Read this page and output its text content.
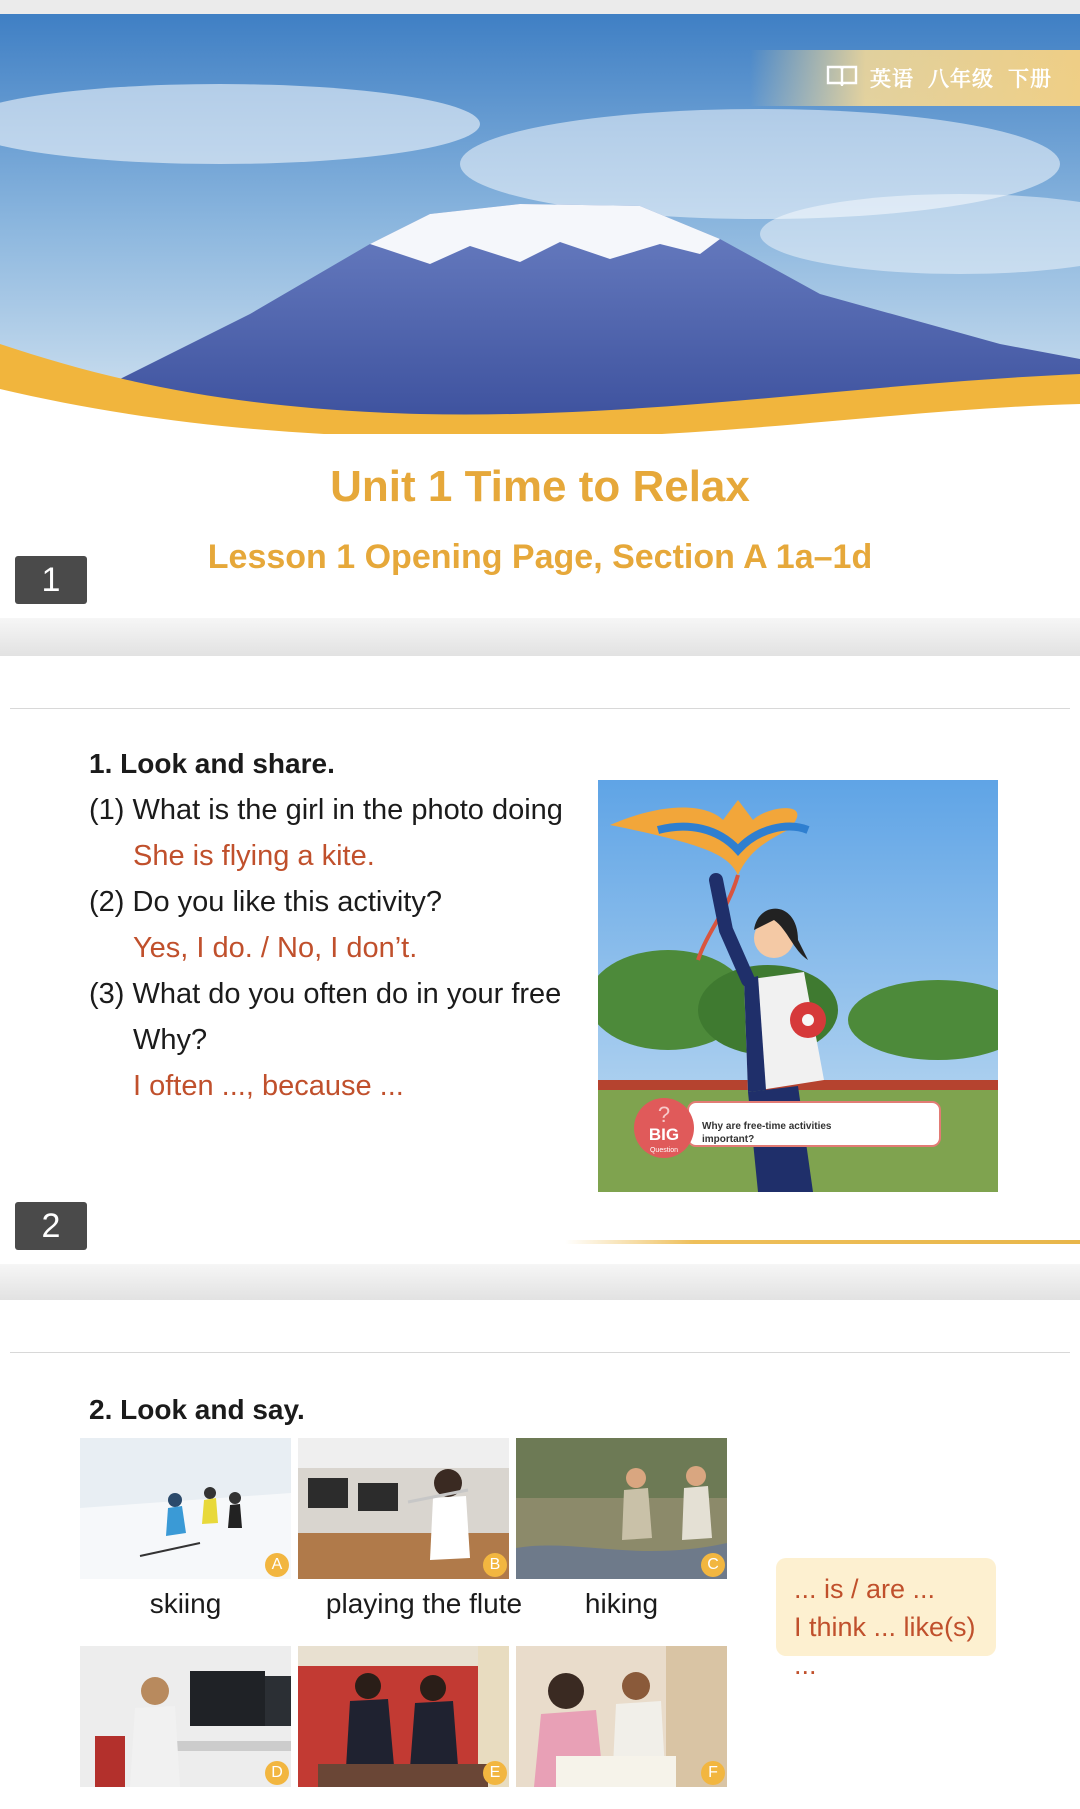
英语 八年级 下册
Unit 1 Time to Relax
Lesson 1 Opening Page, Section A 1a–1d
1
1. Look and share.
(1) What is the girl in the photo doing
She is flying a kite.
(2) Do you like this activity?
Yes, I do. / No, I don’t.
(3) What do you often do in your free
Why?
I often ..., because ...
?
BIG
Question
Why are free-time activities important?
2
2. Look and say.
A	B	C
skiing	playing the flute	hiking	... is / are ...
I think ... like(s) ...
D	E	F
